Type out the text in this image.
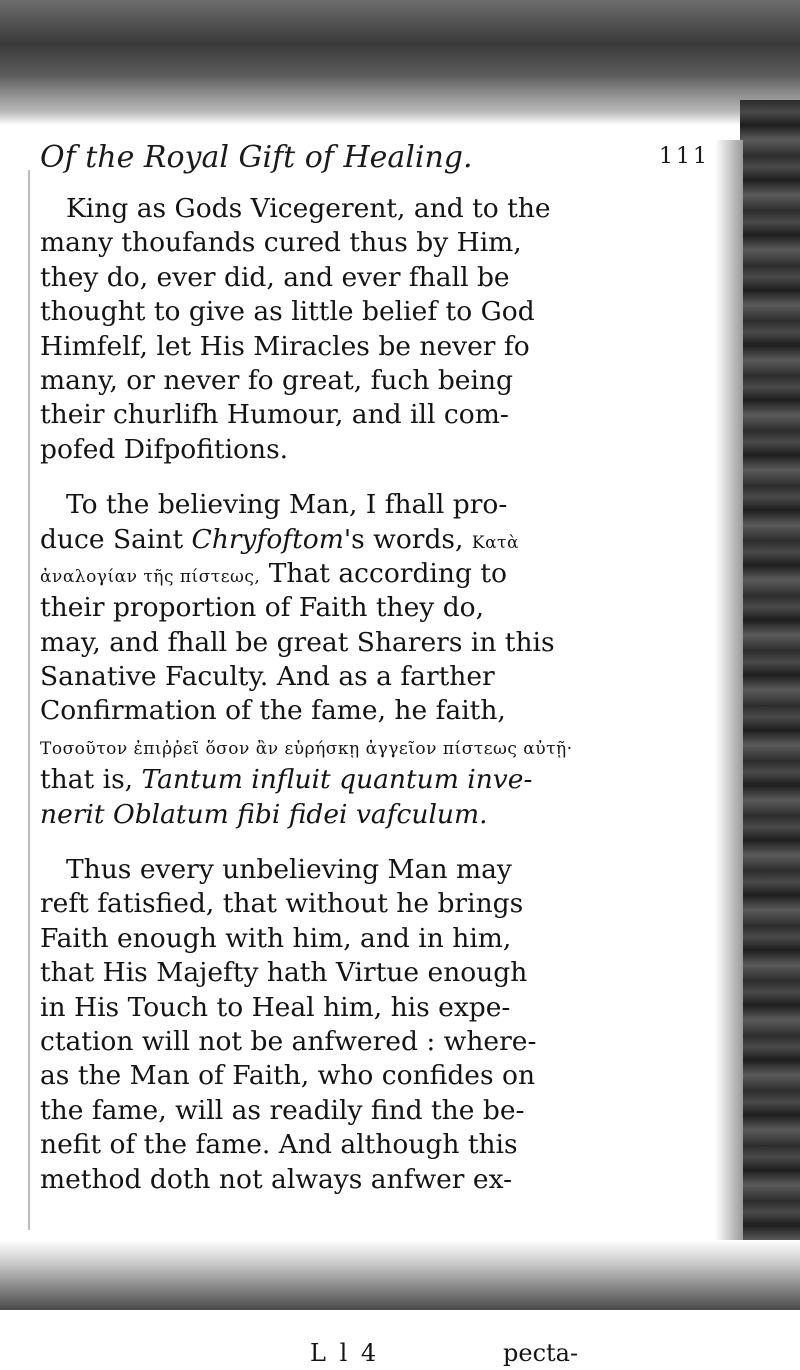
Of the Royal Gift of Healing.	111
King as Gods Vicegerent, and to the
many thoufands cured thus by Him,
they do, ever did, and ever fhall be
thought to give as little belief to God
Himfelf, let His Miracles be never fo
many, or never fo great, fuch being
their churlifh Humour, and ill com-
pofed Difpofitions.
To the believing Man, I fhall pro-
duce Saint Chryfoftom's words, Κατὰ
ἀναλογίαν τῆς πίστεως, That according to
their proportion of Faith they do,
may, and fhall be great Sharers in this
Sanative Faculty. And as a farther
Confirmation of the fame, he faith,
Τοσοῦτον ἐπιῤῥεῖ ὅσον ἂν εὑρήσκῃ ἀγγεῖον πίστεως αὐτῇ·
that is, Tantum influit quantum inve-
nerit Oblatum fibi fidei vafculum.
Thus every unbelieving Man may
reft fatisfied, that without he brings
Faith enough with him, and in him,
that His Majefty hath Virtue enough
in His Touch to Heal him, his expe-
ctation will not be anfwered : where-
as the Man of Faith, who confides on
the fame, will as readily find the be-
nefit of the fame. And although this
method doth not always anfwer ex-
L l 4	pecta-
